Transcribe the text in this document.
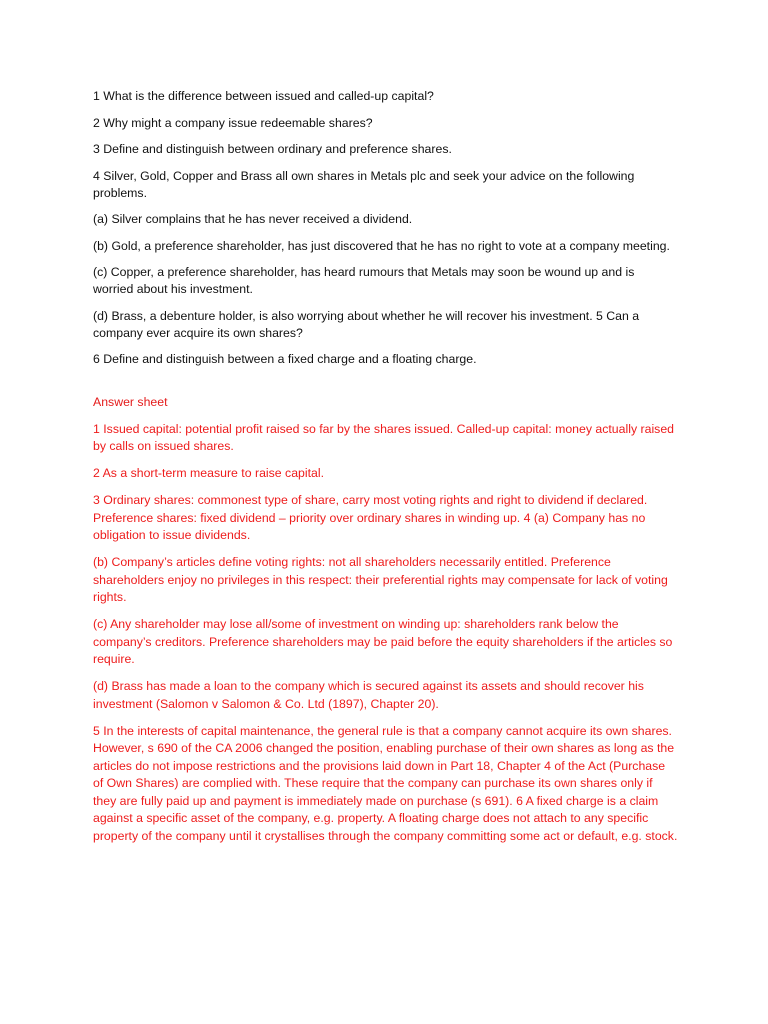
1 What is the difference between issued and called-up capital?

2 Why might a company issue redeemable shares?

3 Define and distinguish between ordinary and preference shares.

4 Silver, Gold, Copper and Brass all own shares in Metals plc and seek your advice on the following problems.

(a) Silver complains that he has never received a dividend.

(b) Gold, a preference shareholder, has just discovered that he has no right to vote at a company meeting.

(c) Copper, a preference shareholder, has heard rumours that Metals may soon be wound up and is worried about his investment.

(d) Brass, a debenture holder, is also worrying about whether he will recover his investment. 5 Can a company ever acquire its own shares?

6 Define and distinguish between a fixed charge and a floating charge.

Answer sheet

1 Issued capital: potential profit raised so far by the shares issued. Called-up capital: money actually raised by calls on issued shares.

2 As a short-term measure to raise capital.

3 Ordinary shares: commonest type of share, carry most voting rights and right to dividend if declared. Preference shares: fixed dividend – priority over ordinary shares in winding up. 4 (a) Company has no obligation to issue dividends.

(b) Company’s articles define voting rights: not all shareholders necessarily entitled. Preference shareholders enjoy no privileges in this respect: their preferential rights may compensate for lack of voting rights.

(c) Any shareholder may lose all/some of investment on winding up: shareholders rank below the company’s creditors. Preference shareholders may be paid before the equity shareholders if the articles so require.

(d) Brass has made a loan to the company which is secured against its assets and should recover his investment (Salomon v Salomon & Co. Ltd (1897), Chapter 20).

5 In the interests of capital maintenance, the general rule is that a company cannot acquire its own shares. However, s 690 of the CA 2006 changed the position, enabling purchase of their own shares as long as the articles do not impose restrictions and the provisions laid down in Part 18, Chapter 4 of the Act (Purchase of Own Shares) are complied with. These require that the company can purchase its own shares only if they are fully paid up and payment is immediately made on purchase (s 691). 6 A fixed charge is a claim against a specific asset of the company, e.g. property. A floating charge does not attach to any specific property of the company until it crystallises through the company committing some act or default, e.g. stock.
